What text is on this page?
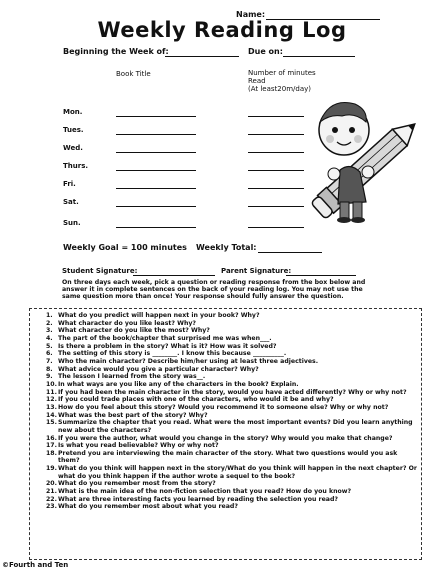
Name:
Weekly Reading Log
Beginning the Week of:	Due on:
Book Title	Number of minutes
Read
(At least20m/day)
Mon.
Tues.
Wed.
Thurs.
Fri.
Sat.
Sun.
Weekly Goal = 100 minutes Weekly Total:
Student Signature:	Parent Signature:
On three days each week, pick a question or reading response from the box below and answer it in complete sentences on the back of your reading log. You may not use the same question more than once! Your response should fully answer the question.
1. What do you predict will happen next in your book? Why?
2. What character do you like least? Why?
3. What character do you like the most? Why?
4. The part of the book/chapter that surprised me was when___.
5. Is there a problem in the story? What is it? How was it solved?
6. The setting of this story is ________. I know this because __________.
7. Who the main character? Describe him/her using at least three adjectives.
8. What advice would you give a particular character? Why?
9. The lesson I learned from the story was__.
10. In what ways are you like any of the characters in the book? Explain.
11. If you had been the main character in the story, would you have acted differently? Why or why not?
12. If you could trade places with one of the characters, who would it be and why?
13. How do you feel about this story? Would you recommend it to someone else? Why or why not?
14. What was the best part of the story? Why?
15. Summarize the chapter that you read. What were the most important events? Did you learn anything new about the characters?
16. If you were the author, what would you change in the story? Why would you make that change?
17. Is what you read believable? Why or why not?
18. Pretend you are interviewing the main character of the story. What two questions would you ask them?
19. What do you think will happen next in the story/What do you think will happen in the next chapter? Or what do you think happen if the author wrote a sequel to the book?
20. What do you remember most from the story?
21. What is the main idea of the non-fiction selection that you read? How do you know?
22. What are three interesting facts you learned by reading the selection you read?
23. What do you remember most about what you read?
©Fourth and Ten
